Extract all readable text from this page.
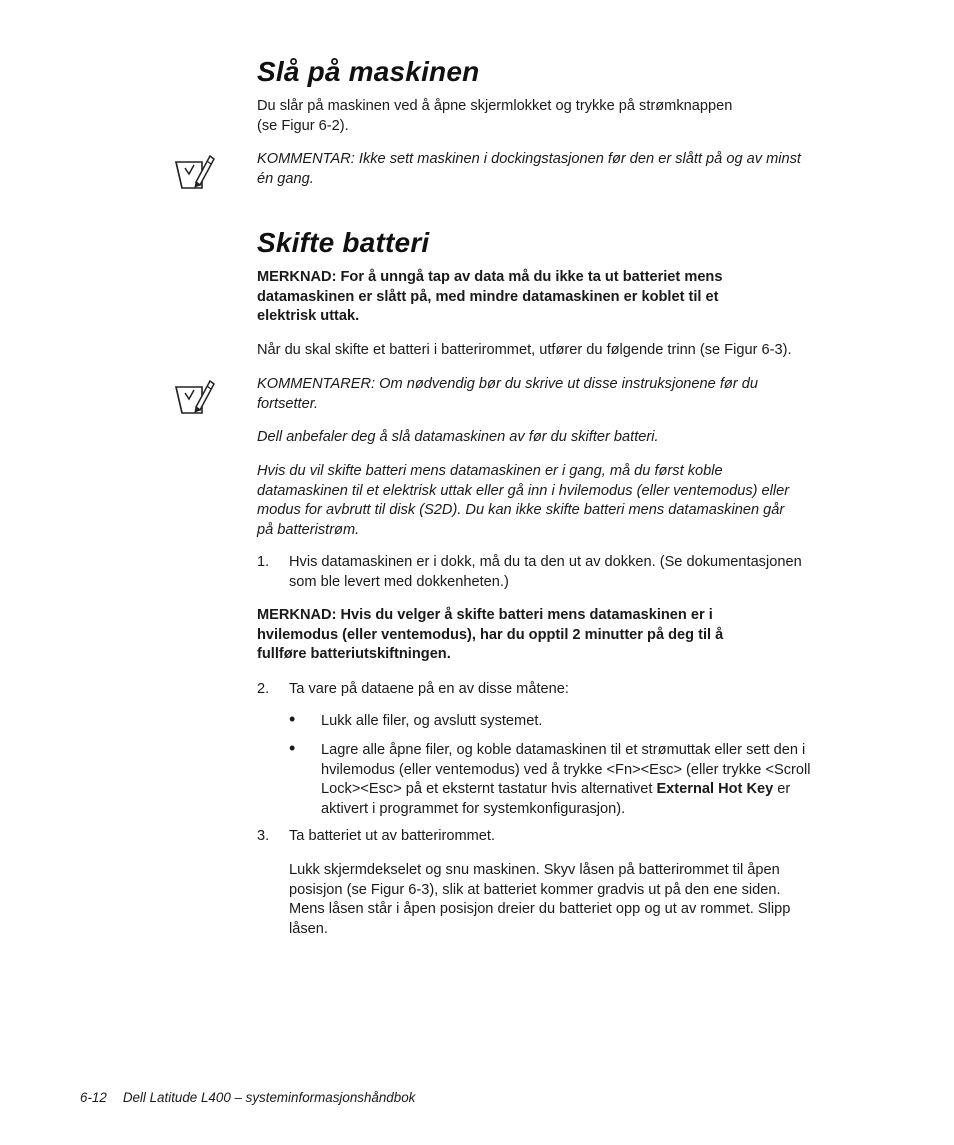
Slå på maskinen

Du slår på maskinen ved å åpne skjermlokket og trykke på strømknappen

(se Figur 6-2).

KOMMENTAR: Ikke sett maskinen i dockingstasjonen før den er slått på og av minst

én gang.

Skifte batteri

MERKNAD: For å unngå tap av data må du ikke ta ut batteriet mens

datamaskinen er slått på, med mindre datamaskinen er koblet til et

elektrisk uttak.

Når du skal skifte et batteri i batterirommet, utfører du følgende trinn (se Figur 6-3).

KOMMENTARER: Om nødvendig bør du skrive ut disse instruksjonene før du

fortsetter.

Dell anbefaler deg å slå datamaskinen av før du skifter batteri.

Hvis du vil skifte batteri mens datamaskinen er i gang, må du først koble

datamaskinen til et elektrisk uttak eller gå inn i hvilemodus (eller ventemodus) eller

modus for avbrutt til disk (S2D). Du kan ikke skifte batteri mens datamaskinen går

på batteristrøm.

1. Hvis datamaskinen er i dokk, må du ta den ut av dokken. (Se dokumentasjonen

som ble levert med dokkenheten.)

MERKNAD: Hvis du velger å skifte batteri mens datamaskinen er i

hvilemodus (eller ventemodus), har du opptil 2 minutter på deg til å

fullføre batteriutskiftningen.

2. Ta vare på dataene på en av disse måtene:

• Lukk alle filer, og avslutt systemet.

• Lagre alle åpne filer, og koble datamaskinen til et strømuttak eller sett den i

hvilemodus (eller ventemodus) ved å trykke <Fn><Esc> (eller trykke <Scroll

Lock><Esc> på et eksternt tastatur hvis alternativet External Hot Key er

aktivert i programmet for systemkonfigurasjon).

3. Ta batteriet ut av batterirommet.

Lukk skjermdekselet og snu maskinen. Skyv låsen på batterirommet til åpen

posisjon (se Figur 6-3), slik at batteriet kommer gradvis ut på den ene siden.

Mens låsen står i åpen posisjon dreier du batteriet opp og ut av rommet. Slipp

låsen.

6-12 Dell Latitude L400 – systeminformasjonshåndbok
